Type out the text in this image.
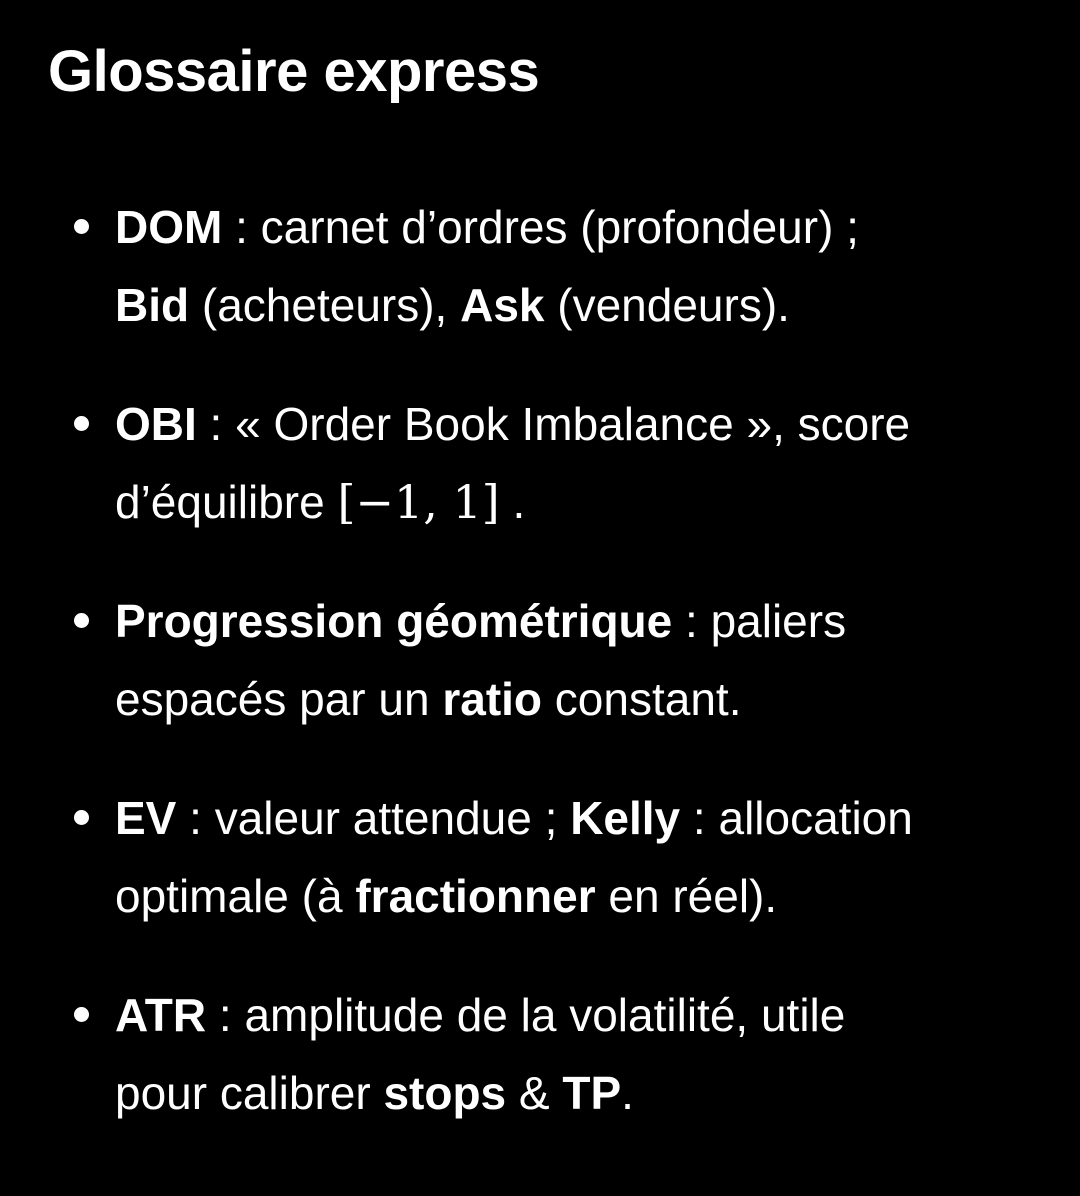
Glossaire express
DOM : carnet d’ordres (profondeur) ;
Bid (acheteurs), Ask (vendeurs).
OBI : « Order Book Imbalance », score
d’équilibre [−1, 1] .
Progression géométrique : paliers
espacés par un ratio constant.
EV : valeur attendue ; Kelly : allocation
optimale (à fractionner en réel).
ATR : amplitude de la volatilité, utile
pour calibrer stops & TP.
